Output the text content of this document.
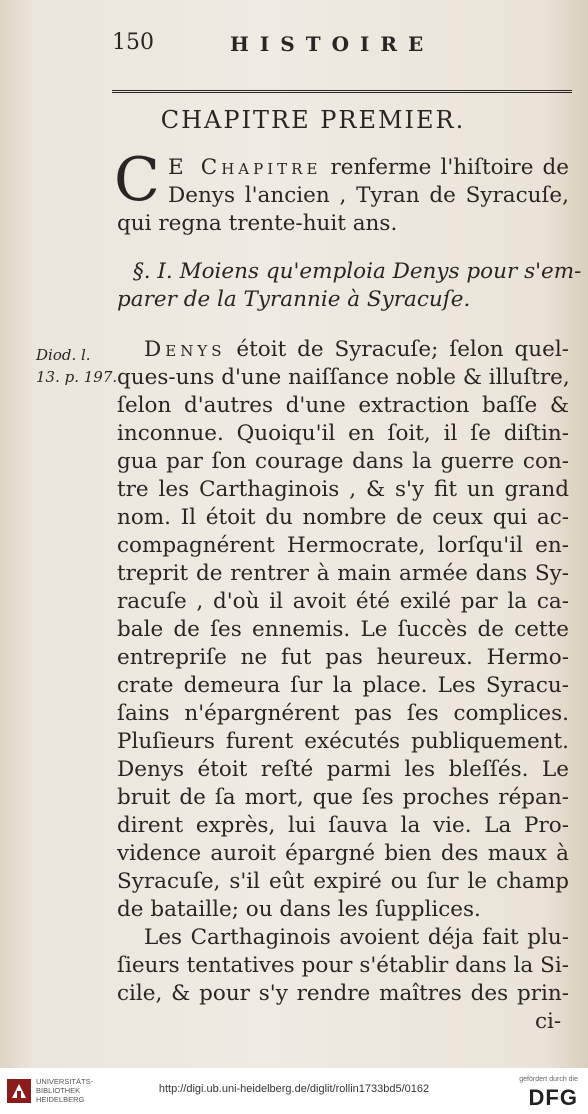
150	HISTOIRE
CHAPITRE PREMIER.
C E Chapitre renferme l'hiſtoire de
Denys l'ancien , Tyran de Syracuſe,
qui regna trente-huit ans.
§. I. Moiens qu'emploia Denys pour s'em-
parer de la Tyrannie à Syracuſe.
Diod. l.
13. p. 197.
Denys étoit de Syracuſe; ſelon quel-
ques-uns d'une naiſſance noble & illuſtre,
ſelon d'autres d'une extraction baſſe &
inconnue. Quoiqu'il en ſoit, il ſe diſtin-
gua par ſon courage dans la guerre con-
tre les Carthaginois , & s'y fit un grand
nom. Il étoit du nombre de ceux qui ac-
compagnérent Hermocrate, lorſqu'il en-
treprit de rentrer à main armée dans Sy-
racuſe , d'où il avoit été exilé par la ca-
bale de ſes ennemis. Le ſuccès de cette
entrepriſe ne fut pas heureux. Hermo-
crate demeura ſur la place. Les Syracu-
ſains n'épargnérent pas ſes complices.
Pluſieurs furent exécutés publiquement.
Denys étoit reſté parmi les bleſſés. Le
bruit de ſa mort, que ſes proches répan-
dirent exprès, lui ſauva la vie. La Pro-
vidence auroit épargné bien des maux à
Syracuſe, s'il eût expiré ou ſur le champ
de bataille; ou dans les ſupplices.
Les Carthaginois avoient déja fait plu-
ſieurs tentatives pour s'établir dans la Si-
cile, & pour s'y rendre maîtres des prin-
ci-
UNIVERSITÄTS-
BIBLIOTHEK
HEIDELBERG
http://digi.ub.uni-heidelberg.de/diglit/rollin1733bd5/0162
gefördert durch die
DFG
